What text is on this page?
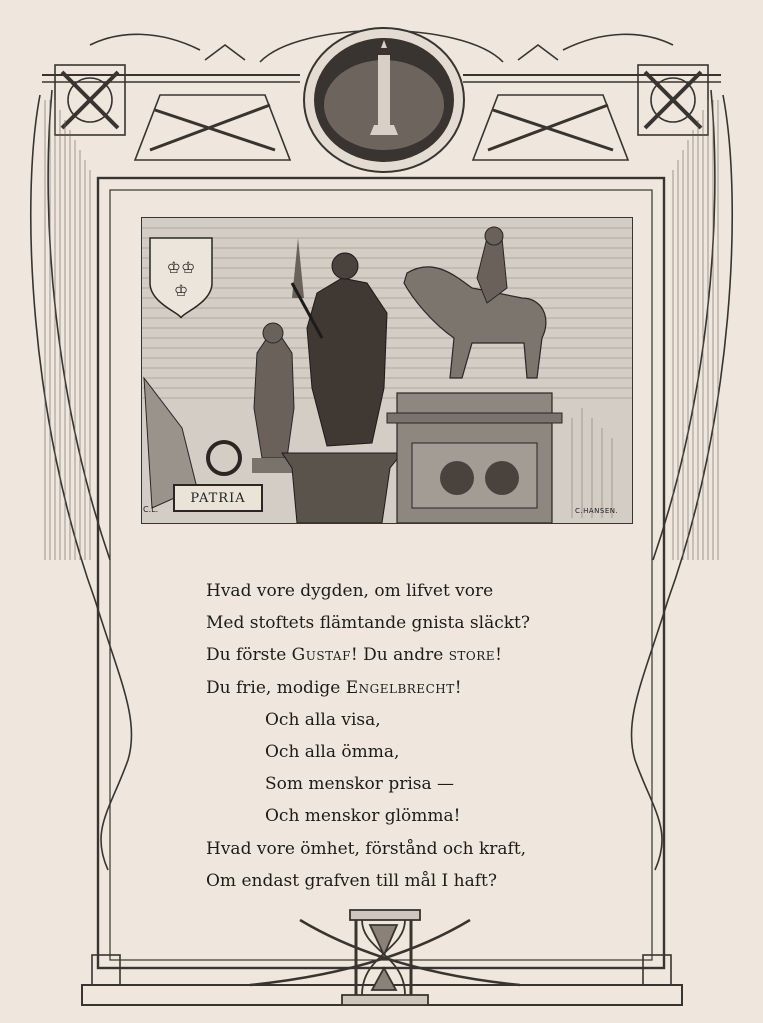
♔♔
♔
PATRIA
C.L.	C.HANSEN.
Hvad vore dygden, om lifvet vore
Med stoftets flämtande gnista släckt?
Du förste Gustaf! Du andre store!
Du frie, modige Engelbrecht!
Och alla visa,
Och alla ömma,
Som menskor prisa —
Och menskor glömma!
Hvad vore ömhet, förstånd och kraft,
Om endast grafven till mål I haft?
